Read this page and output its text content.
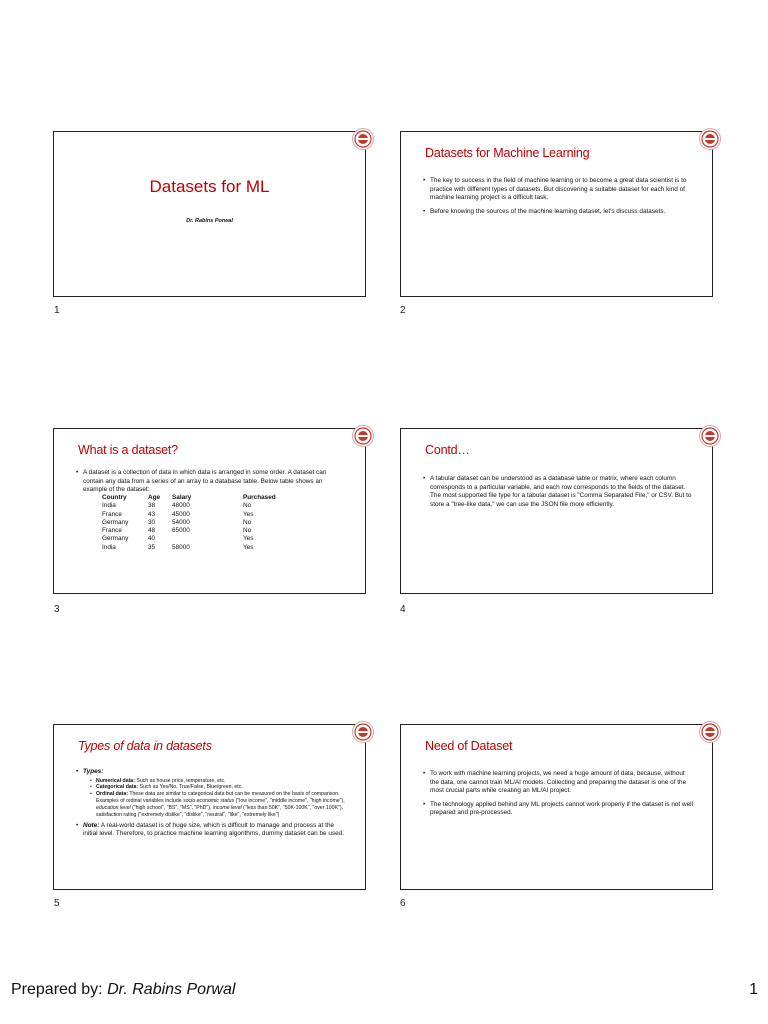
Datasets for ML
Dr. Rabins Porwal
1
Datasets for Machine Learning
• The key to success in the field of machine learning or to become a great data scientist is to practice with different types of datasets. But discovering a suitable dataset for each kind of machine learning project is a difficult task.
• Before knowing the sources of the machine learning dataset, let's discuss datasets.
2
What is a dataset?
• A dataset is a collection of data in which data is arranged in some order. A dataset can contain any data from a series of an array to a database table. Below table shows an example of the dataset:
Country	Age	Salary	Purchased
India	38	48000	No
France	43	45000	Yes
Germany	30	54000	No
France	48	65000	No
Germany	40		Yes
India	35	58000	Yes
3
Contd…
• A tabular dataset can be understood as a database table or matrix, where each column corresponds to a particular variable, and each row corresponds to the fields of the dataset. The most supported file type for a tabular dataset is "Comma Separated File," or CSV. But to store a "tree-like data," we can use the JSON file more efficiently.
4
Types of data in datasets
• Types:
• Numerical data: Such as house price, temperature, etc.
• Categorical data: Such as Yes/No, True/False, Blue/green, etc.
• Ordinal data: These data are similar to categorical data but can be measured on the basis of comparison. Examples of ordinal variables include socio economic status ("low income", "middle income", "high income"), education level ("high school", "BS", "MS", "PhD"), income level ("less than 50K", "50K-100K", "over 100K"), satisfaction rating ("extremely dislike", "dislike", "neutral", "like", "extremely like")
• Note: A real-world dataset is of huge size, which is difficult to manage and process at the initial level. Therefore, to practice machine learning algorithms, dummy dataset can be used.
5
Need of Dataset
• To work with machine learning projects, we need a huge amount of data, because, without the data, one cannot train ML/AI models. Collecting and preparing the dataset is one of the most crucial parts while creating an ML/AI project.
• The technology applied behind any ML projects cannot work properly if the dataset is not well prepared and pre-processed.
6
Prepared by: Dr. Rabins Porwal	1
